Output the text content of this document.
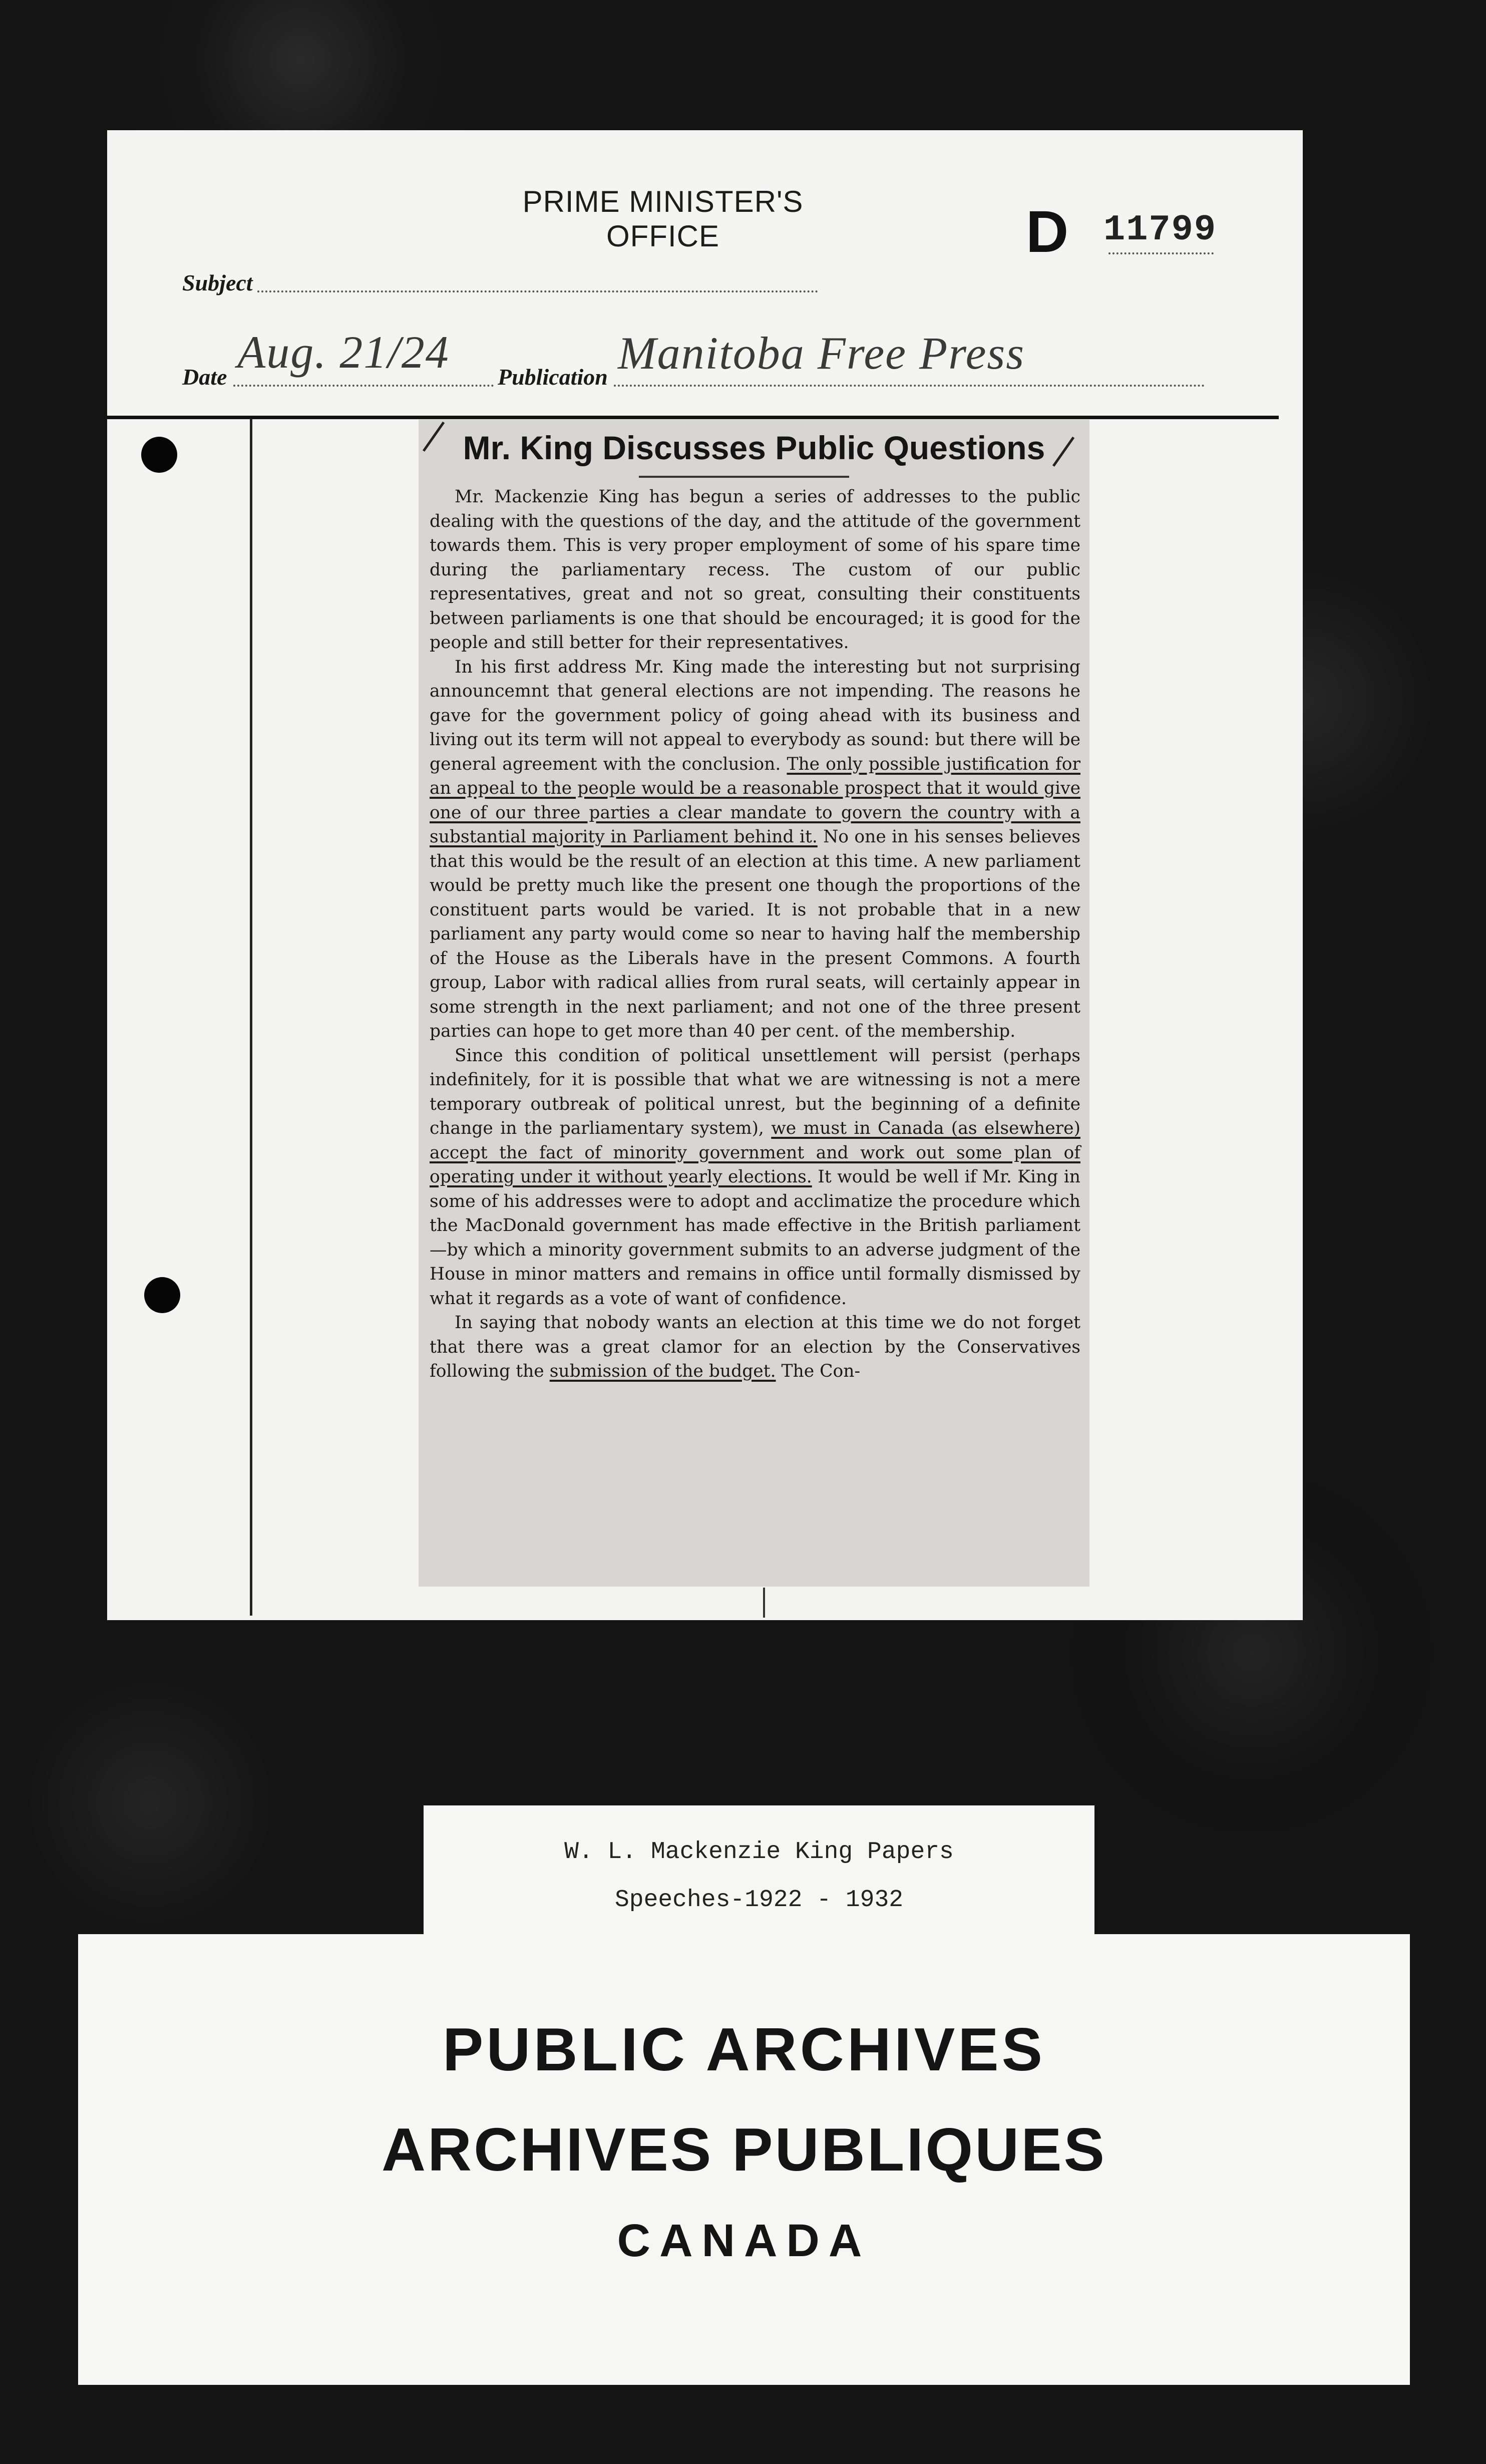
PRIME MINISTER'S OFFICE	D 11799
Subject
Date Aug. 21/24 Publication Manitoba Free Press
Mr. King Discusses Public Questions

Mr. Mackenzie King has begun a series of addresses to the public dealing with the questions of the day, and the attitude of the government towards them. This is very proper employment of some of his spare time during the parliamentary recess. The custom of our public representatives, great and not so great, consulting their constituents between parliaments is one that should be encouraged; it is good for the people and still better for their representatives.

In his first address Mr. King made the interesting but not surprising announcemnt that general elections are not impending. The reasons he gave for the government policy of going ahead with its business and living out its term will not appeal to everybody as sound: but there will be general agreement with the conclusion. The only possible justification for an appeal to the people would be a reasonable prospect that it would give one of our three parties a clear mandate to govern the country with a substantial majority in Parliament behind it. No one in his senses believes that this would be the result of an election at this time. A new parliament would be pretty much like the present one though the proportions of the constituent parts would be varied. It is not probable that in a new parliament any party would come so near to having half the membership of the House as the Liberals have in the present Commons. A fourth group, Labor with radical allies from rural seats, will certainly appear in some strength in the next parliament; and not one of the three present parties can hope to get more than 40 per cent. of the membership.

Since this condition of political unsettlement will persist (perhaps indefinitely, for it is possible that what we are witnessing is not a mere temporary outbreak of political unrest, but the beginning of a definite change in the parliamentary system), we must in Canada (as elsewhere) accept the fact of minority government and work out some plan of operating under it without yearly elections. It would be well if Mr. King in some of his addresses were to adopt and acclimatize the procedure which the MacDonald government has made effective in the British parliament—by which a minority government submits to an adverse judgment of the House in minor matters and remains in office until formally dismissed by what it regards as a vote of want of confidence.

In saying that nobody wants an election at this time we do not forget that there was a great clamor for an election by the Conservatives following the submission of the budget. The Con-

W. L. Mackenzie King Papers
Speeches-1922 - 1932
PUBLIC ARCHIVES
ARCHIVES PUBLIQUES
CANADA
